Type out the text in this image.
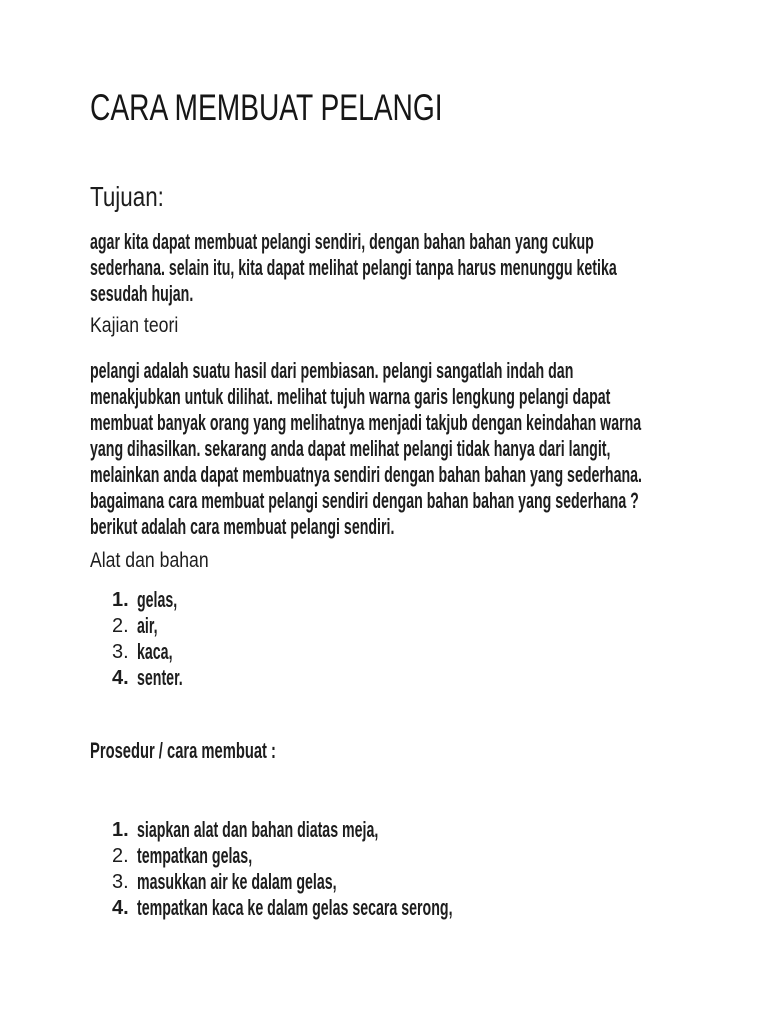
CARA MEMBUAT PELANGI
Tujuan:
agar kita dapat membuat pelangi sendiri, dengan bahan bahan yang cukup
sederhana. selain itu, kita dapat melihat pelangi tanpa harus menunggu ketika
sesudah hujan.
Kajian teori
pelangi adalah suatu hasil dari pembiasan. pelangi sangatlah indah dan
menakjubkan untuk dilihat. melihat tujuh warna garis lengkung pelangi dapat
membuat banyak orang yang melihatnya menjadi takjub dengan keindahan warna
yang dihasilkan. sekarang anda dapat melihat pelangi tidak hanya dari langit,
melainkan anda dapat membuatnya sendiri dengan bahan bahan yang sederhana.
bagaimana cara membuat pelangi sendiri dengan bahan bahan yang sederhana ?
berikut adalah cara membuat pelangi sendiri.
Alat dan bahan
1. gelas,
2. air,
3. kaca,
4. senter.
Prosedur / cara membuat :
1. siapkan alat dan bahan diatas meja,
2. tempatkan gelas,
3. masukkan air ke dalam gelas,
4. tempatkan kaca ke dalam gelas secara serong,
